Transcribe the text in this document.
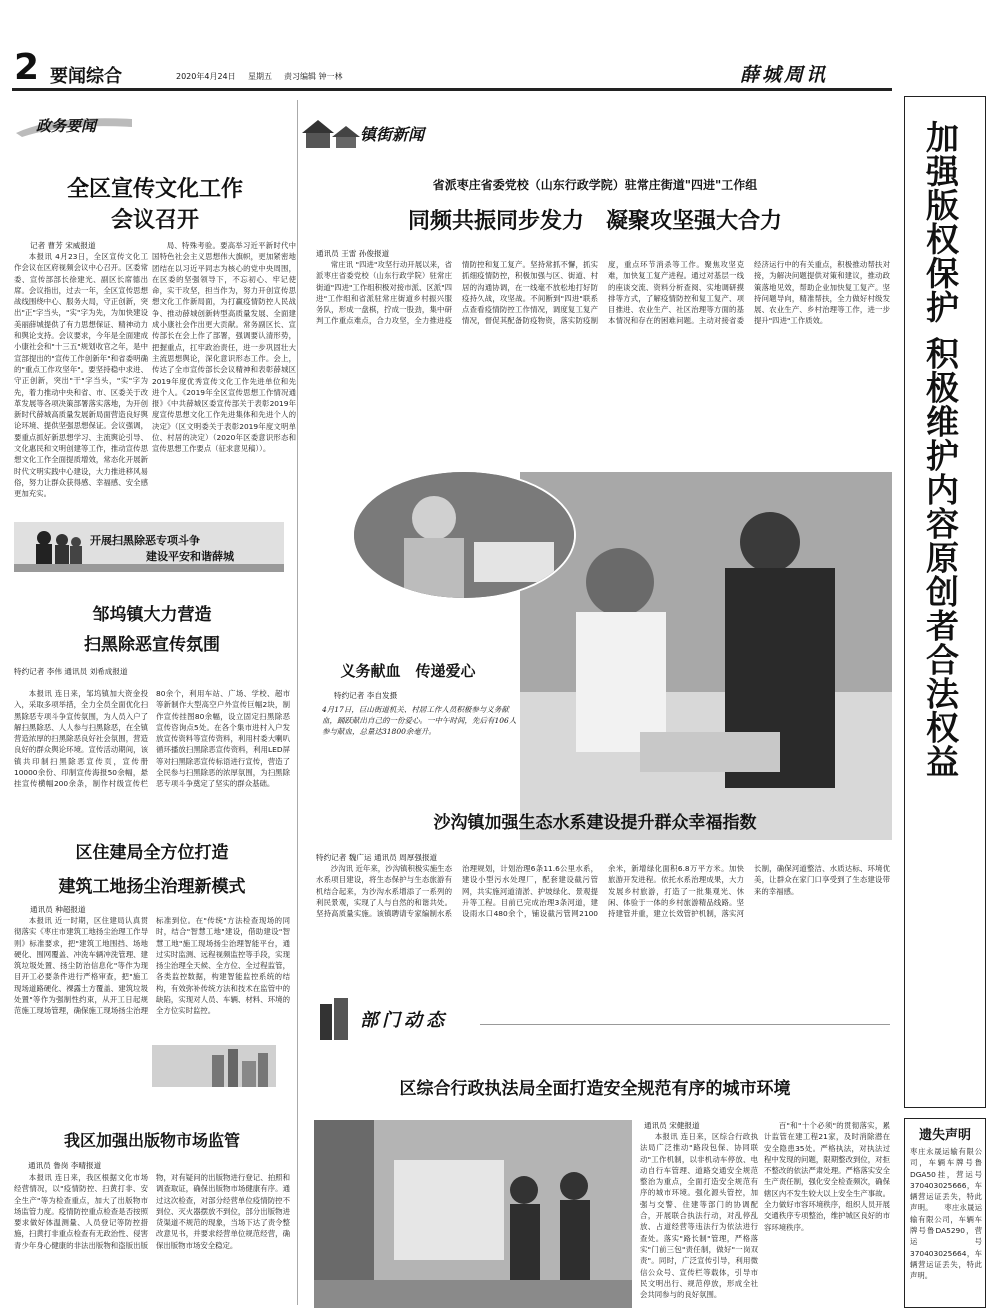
2 要闻综合	2020年4月24日 星期五 责习编辑 钟一林	薛城周讯
加强版权保护 积极维护内容原创者合法权益
遗失声明
枣庄永晟运输有限公司，车辆车牌号鲁DGA50挂，营运号370403025666，车辆营运证丢失，特此声明。　　枣庄永晟运输有限公司，车辆车牌号鲁DA5290，营运号370403025664，车辆营运证丢失，特此声明。
政务要闻
全区宣传文化工作
会议召开
记者 曹芳 宋威报道

本报讯 4月23日，全区宣传文化工作会议在区府视频会议中心召开。区委常委、宣传部部长徐建光、副区长席德出席。会议指出，过去一年，全区宣传思想战线围绕中心、服务大局，守正创新，突出"正"字当头，"实"字为先，为加快建设美丽薛城提供了有力思想保证、精神动力和舆论支持。会议要求，今年是全面建成小康社会和"十三五"规划收官之年，是中宣部提出的"宣传工作创新年"和省委明确的"重点工作攻坚年"。要坚持稳中求进、守正创新，突出"干"字当头，"实"字为先，着力推动中央和省、市、区委关于改革发展等各项决策部署落实落地，为开创新时代薛城高质量发展新局面营造良好舆论环境、提供坚强思想保证。会议强调，要重点抓好新思想学习、主流舆论引导、文化惠民和文明创建等工作，推动宣传思想文化工作全面提质增效，常态化开展新时代文明实践中心建设，大力推进移风易俗，努力让群众获得感、幸福感、安全感更加充实。

局、特殊考验。要高举习近平新时代中国特色社会主义思想伟大旗帜，更加紧密地团结在以习近平同志为核心的党中央周围，在区委的坚强领导下，不忘初心、牢记使命，实干攻坚，担当作为，努力开创宣传思想文化工作新局面，为打赢疫情防控人民战争、推动薛城创新转型高质量发展、全面建成小康社会作出更大贡献。常务副区长、宣传部长在会上作了部署，强调要认清形势，把握重点，扛牢政治责任，进一步巩固壮大主流思想舆论，深化意识形态工作。会上，传达了全市宣传部长会议精神和表彰薛城区2019年度优秀宣传文化工作先进单位和先进个人。《2019年全区宣传思想工作情况通报》《中共薛城区委宣传部关于表彰2019年度宣传思想文化工作先进集体和先进个人的决定》（区文明委关于表彰2019年度文明单位、村居的决定）（2020年区委意识形态和宣传思想工作要点（征求意见稿））。

开展扫黑除恶专项斗争
建设平安和谐薛城
邹坞镇大力营造
扫黑除恶宣传氛围
特约记者 李伟 通讯员 刘希成报道

本报讯 连日来，邹坞镇加大资金投入，采取多项举措，全力全员全面优化扫黑除恶专项斗争宣传氛围，为人员入户了解扫黑除恶、人人参与扫黑除恶，在全镇营造浓厚的扫黑除恶良好社会氛围，营造良好的群众舆论环境。宣传活动期间，该镇共印制扫黑除恶宣传页，宣传册10000余份、印制宣传海报50余幅，悬挂宣传横幅200余条，制作村级宣传栏80余个，利用车站、广场、学校、超市等新制作大型高空户外宣传巨幅2块，制作宣传挂图80余幅，设立固定扫黑除恶宣传咨询点5处。在各个集市进村入户发放宣传资料等宣传资料，利用村委大喇叭循环播放扫黑除恶宣传资料，利用LED屏等对扫黑除恶宣传标语进行宣传，营造了全民参与扫黑除恶的浓厚氛围，为扫黑除恶专项斗争奠定了坚实的群众基础。

区住建局全方位打造
建筑工地扬尘治理新模式
通讯员 种超报道

本报讯 近一时期，区住建局认真贯彻落实《枣庄市建筑工地扬尘治理工作导则》标准要求，把"建筑工地围挡、场地硬化、围网覆盖、冲洗车辆冲洗管理、建筑垃圾处置、扬尘防治信息化"等作为现目开工必要条件进行严格审查，把"施工现场道路硬化、裸露土方覆盖、建筑垃圾处置"等作为强制性约束，从开工日起规范施工现场管理，确保施工现场扬尘治理标准到位。在"传统"方法检查现场的同时，结合"智慧工地"建设，借助建设"智慧工地"施工现场扬尘治理智能平台，通过实时监测、远程视频监控等手段，实现扬尘治理全天候、全方位、全过程监管，各类监控数据，构建智能监控系统的结构，有效弥补传统方法和技术在监管中的缺陷，实现对人员、车辆、材料、环境的全方位实时监控。

我区加强出版物市场监管
通讯员 鲁岗 李晴报道

本报讯 连日来，我区根据文化市场经营情况，以"疫情防控、扫黄打非、安全生产"等为检查重点，加大了出版物市场监管力度。疫情防控重点检查是否按照要求做好体温测量、人员登记等防控措施，扫黄打非重点检查有无政治性、侵害青少年身心健康的非法出版物和盗版出版物，对有疑问的出版物进行登记、拍照和调查取证，确保出版物市场健康有序。通过这次检查，对部分经营单位疫情防控不到位、灭火器摆放不到位，部分出版物进货渠道不规范的现象，当场下达了责令整改意见书，并要求经营单位规范经营，确保出版物市场安全稳定。

镇街新闻
省派枣庄省委党校（山东行政学院）驻常庄街道"四进"工作组
同频共振同步发力　凝聚攻坚强大合力
通讯员 王雷 孙俊报道

常庄讯 "四进"攻坚行动开展以来，省派枣庄省委党校（山东行政学院）驻常庄街道"四进"工作组积极对接市派、区派"四进"工作组和省派驻常庄街道乡村振兴服务队，形成一盘棋，拧成一股劲，集中研判工作重点难点，合力攻坚，全力推进疫情防控和复工复产。坚持常抓不懈，抓实抓细疫情防控，积极加强与区、街道、村居的沟通协调，在一线毫不放松地打好防疫持久战，攻坚战。不间断到"四进"联系点查看疫情防控工作情况，调度复工复产情况，督促其配备防疫物资，落实防疫制度，重点环节消杀等工作。聚焦攻坚克难，加快复工复产进程。通过对基层一线的座谈交流、资料分析查阅、实地调研摸排等方式，了解疫情防控和复工复产、项目推进、农业生产、社区治理等方面的基本情况和存在的困难问题。主动对接省委经济运行中的有关重点，积极推动帮扶对接，为解决问题提供对策和建议，推动政策落地见效，帮助企业加快复工复产。坚持问题导向，精准帮扶，全力做好村级发展、农业生产、乡村治理等工作，进一步提升"四进"工作质效。

义务献血　传递爱心
特约记者 李自发摄
4月17日，巨山街道机关、村居工作人员积极参与义务献血，踊跃献出自己的一份爱心。一中午时间，先后有106人参与献血，总量达31800余毫升。
沙沟镇加强生态水系建设提升群众幸福指数
特约记者 魏广运 通讯员 周厚强报道

沙沟讯 近年来，沙沟镇积极实施生态水系项目建设，将生态保护与生态旅游有机结合起来，为沙沟水系增添了一系列的利民景观，实现了人与自然的和谐共处。坚持高质量实施。该镇聘请专家编制水系治理规划，计划治理6条11.6公里水系，建设小型污水处理厂，配套建设截污管网，共实施河道清淤、护坡绿化、景观提升等工程。目前已完成治理3条河道，建设雨水口480余个，铺设截污管网2100余米，新增绿化面积6.8万平方米。加快旅游开发进程。依托水系治理成果，大力发展乡村旅游，打造了一批集观光、休闲、体验于一体的乡村旅游精品线路。坚持建管并重，建立长效管护机制，落实河长制，确保河道整洁、水质达标、环境优美，让群众在家门口享受到了生态建设带来的幸福感。

部门动态
区综合行政执法局全面打造安全规范有序的城市环境
通讯员 宋健报道

本报讯 连日来，区综合行政执法局广泛推动"路段包保、协同联动"工作机制，以非机动车停放、电动自行车管理、道路交通安全规范整治为重点，全面打造安全规范有序的城市环境。强化源头管控，加强与交警、住建等部门的协调配合，开展联合执法行动，对乱停乱放、占道经营等违法行为依法进行查处。落实"路长制"管理，严格落实"门前三包"责任制，做好"一岗双责"。同时，广泛宣传引导，利用微信公众号、宣传栏等载体，引导市民文明出行、规范停放，形成全社会共同参与的良好氛围。

百"和"十个必须"的贯彻落实，累计监管在建工程21家，及时消除潜在安全隐患35处。严格执法，对执法过程中发现的问题，限期整改到位，对拒不整改的依法严肃处理。严格落实安全生产责任制，强化安全检查频次，确保辖区内不发生较大以上安全生产事故。全力做好市容环境秩序，组织人员开展交通秩序专项整治，维护城区良好的市容环境秩序。
